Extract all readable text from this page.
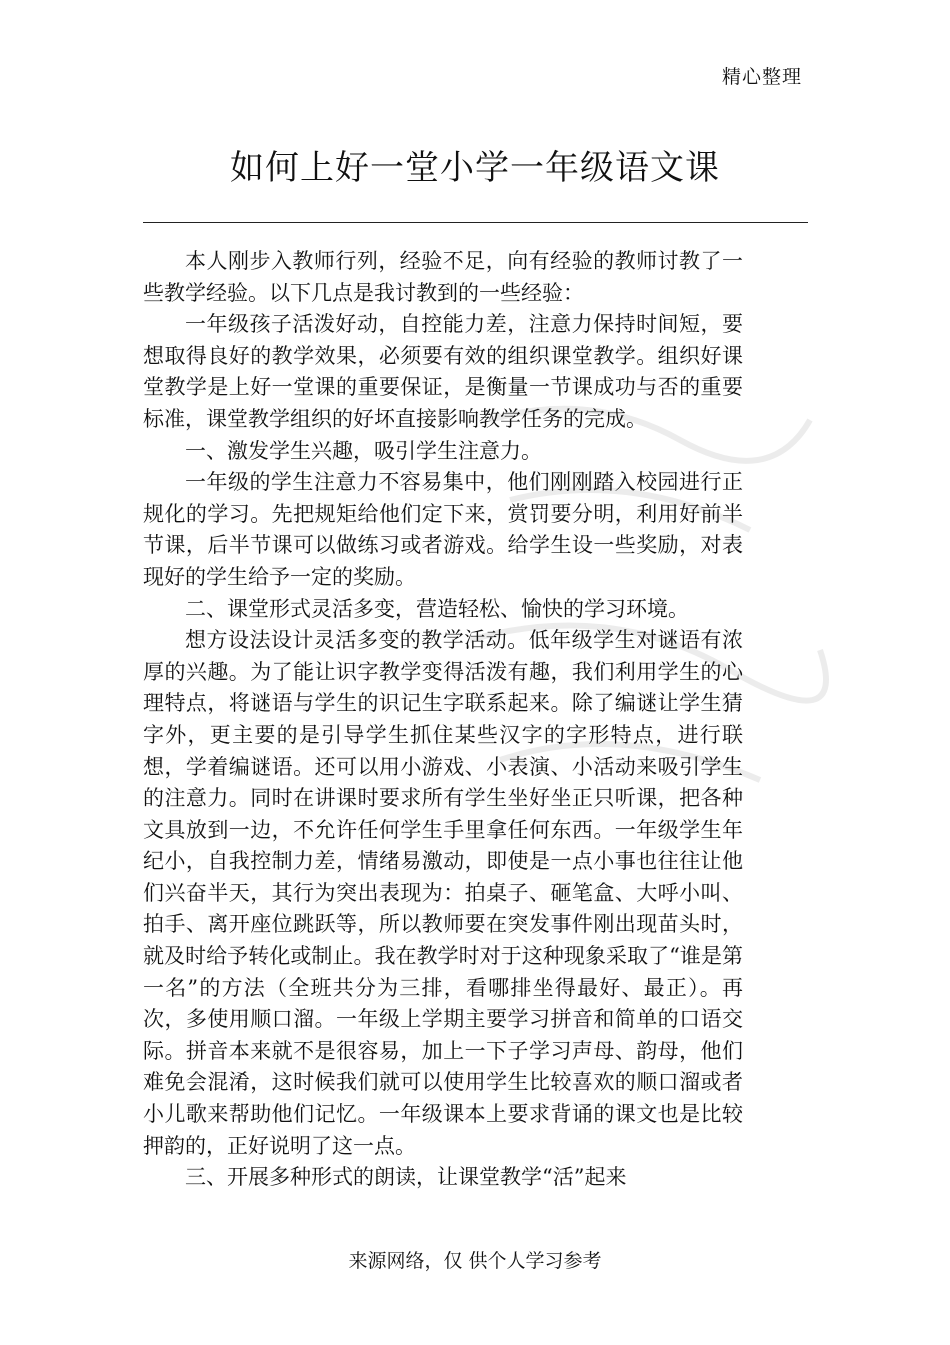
精心整理
如何上好一堂小学一年级语文课

本人刚步入教师行列，经验不足，向有经验的教师讨教了一些教学经验。以下几点是我讨教到的一些经验：

一年级孩子活泼好动，自控能力差，注意力保持时间短，要想取得良好的教学效果，必须要有效的组织课堂教学。组织好课堂教学是上好一堂课的重要保证，是衡量一节课成功与否的重要标准，课堂教学组织的好坏直接影响教学任务的完成。

一、激发学生兴趣，吸引学生注意力。

一年级的学生注意力不容易集中，他们刚刚踏入校园进行正规化的学习。先把规矩给他们定下来，赏罚要分明，利用好前半节课，后半节课可以做练习或者游戏。给学生设一些奖励，对表现好的学生给予一定的奖励。

二、课堂形式灵活多变，营造轻松、愉快的学习环境。

想方设法设计灵活多变的教学活动。低年级学生对谜语有浓厚的兴趣。为了能让识字教学变得活泼有趣，我们利用学生的心理特点，将谜语与学生的识记生字联系起来。除了编谜让学生猜字外，更主要的是引导学生抓住某些汉字的字形特点，进行联想，学着编谜语。还可以用小游戏、小表演、小活动来吸引学生的注意力。同时在讲课时要求所有学生坐好坐正只听课，把各种文具放到一边，不允许任何学生手里拿任何东西。一年级学生年纪小，自我控制力差，情绪易激动，即使是一点小事也往往让他们兴奋半天，其行为突出表现为：拍桌子、砸笔盒、大呼小叫、拍手、离开座位跳跃等，所以教师要在突发事件刚出现苗头时，就及时给予转化或制止。我在教学时对于这种现象采取了“谁是第一名”的方法（全班共分为三排，看哪排坐得最好、最正）。再次，多使用顺口溜。一年级上学期主要学习拼音和简单的口语交际。拼音本来就不是很容易，加上一下子学习声母、韵母，他们难免会混淆，这时候我们就可以使用学生比较喜欢的顺口溜或者小儿歌来帮助他们记忆。一年级课本上要求背诵的课文也是比较押韵的，正好说明了这一点。

三、开展多种形式的朗读，让课堂教学“活”起来

来源网络，仅 供个人学习参考
